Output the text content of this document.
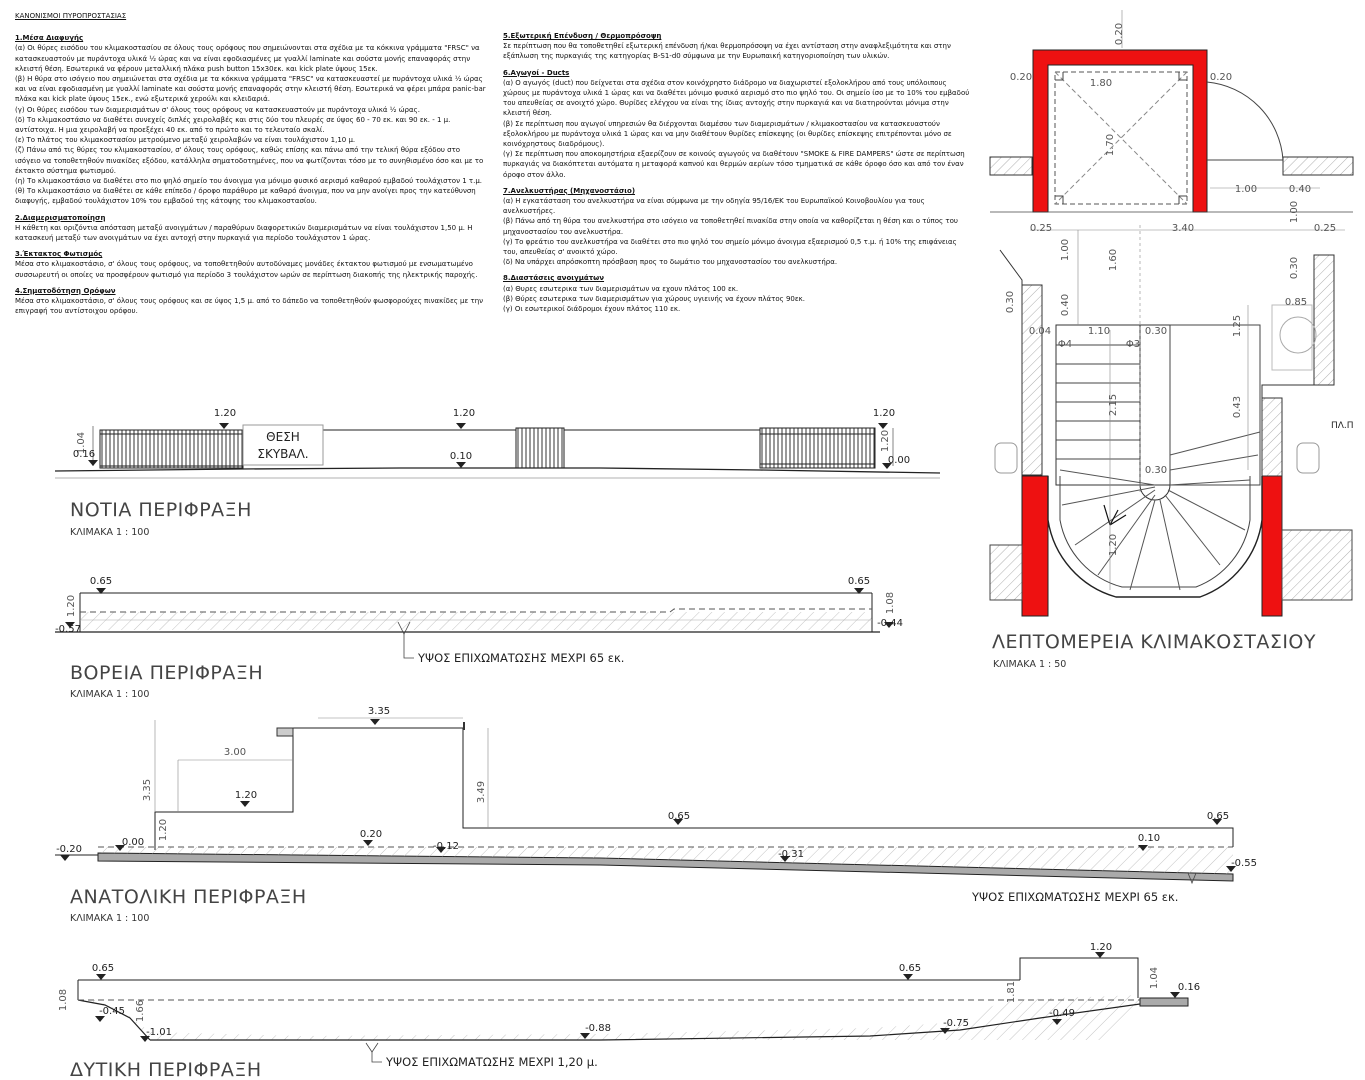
ΚΑΝΟΝΙΣΜΟΙ ΠΥΡΟΠΡΟΣΤΑΣΙΑΣ

1.Μέσα Διαφυγής

(α) Οι θύρες εισόδου του κλιμακοστασίου σε όλους τους ορόφους που σημειώνονται στα σχέδια με τα κόκκινα γράμματα "FRSC" να κατασκευαστούν με πυράντοχα υλικά ½ ώρας και να είναι εφοδιασμένες με γυαλλί laminate και σούστα μονής επαναφοράς στην κλειστή θέση. Εσωτερικά να φέρουν μεταλλική πλάκα push button 15x30εκ. και kick plate ύψους 15εκ.

(β) Η θύρα στο ισόγειο που σημειώνεται στα σχέδια με τα κόκκινα γράμματα "FRSC" να κατασκευαστεί με πυράντοχα υλικά ½ ώρας και να είναι εφοδιασμένη με γυαλλί laminate και σούστα μονής επαναφοράς στην κλειστή θέση. Εσωτερικά να φέρει μπάρα panic-bar πλάκα και kick plate ύψους 15εκ., ενώ εξωτερικά χερούλι και κλειδαριά.

(γ) Οι θύρες εισόδου των διαμερισμάτων σ' όλους τους ορόφους να κατασκευαστούν με πυράντοχα υλικά ½ ώρας.

(δ) Το κλιμακοστάσιο να διαθέτει συνεχείς διπλές χειρολαβές και στις δύο του πλευρές σε ύψος 60 - 70 εκ. και 90 εκ. - 1 μ. αντίστοιχα. Η μια χειρολαβή να προεξέχει 40 εκ. από το πρώτο και το τελευταίο σκαλί.

(ε) Το πλάτος του κλιμακοστασίου μετρούμενο μεταξύ χειρολαβών να είναι τουλάχιστον 1,10 μ.

(ζ) Πάνω από τις θύρες του κλιμακοστασίου, σ' όλους τους ορόφους, καθώς επίσης και πάνω από την τελική θύρα εξόδου στο ισόγειο να τοποθετηθούν πινακίδες εξόδου, κατάλληλα σηματοδοτημένες, που να φωτίζονται τόσο με το συνηθισμένο όσο και με το έκτακτο σύστημα φωτισμού.

(η) Το κλιμακοστάσιο να διαθέτει στο πιο ψηλό σημείο του άνοιγμα για μόνιμο φυσικό αερισμό καθαρού εμβαδού τουλάχιστον 1 τ.μ.

(θ) Το κλιμακοστάσιο να διαθέτει σε κάθε επίπεδο / όροφο παράθυρο με καθαρό άνοιγμα, που να μην ανοίγει προς την κατεύθυνση διαφυγής, εμβαδού τουλάχιστον 10% του εμβαδού της κάτοψης του κλιμακοστασίου.

2.Διαμερισματοποίηση

Η κάθετη και οριζόντια απόσταση μεταξύ ανοιγμάτων / παραθύρων διαφορετικών διαμερισμάτων να είναι τουλάχιστον 1,50 μ. Η κατασκευή μεταξύ των ανοιγμάτων να έχει αντοχή στην πυρκαγιά για περίοδο τουλάχιστον 1 ώρας.

3.Έκτακτος Φωτισμός

Μέσα στο κλιμακοστάσιο, σ' όλους τους ορόφους, να τοποθετηθούν αυτοδύναμες μονάδες έκτακτου φωτισμού με ενσωματωμένο συσσωρευτή οι οποίες να προσφέρουν φωτισμό για περίοδο 3 τουλάχιστον ωρών σε περίπτωση διακοπής της ηλεκτρικής παροχής.

4.Σηματοδότηση Ορόφων

Μέσα στο κλιμακοστάσιο, σ' όλους τους ορόφους και σε ύψος 1,5 μ. από το δάπεδο να τοποθετηθούν φωσφορούχες πινακίδες με την επιγραφή του αντίστοιχου ορόφου.

5.Εξωτερική Επένδυση / Θερμοπρόσοψη

Σε περίπτωση που θα τοποθετηθεί εξωτερική επένδυση ή/και θερμοπρόσοψη να έχει αντίσταση στην αναφλεξιμότητα και στην εξάπλωση της πυρκαγιάς της κατηγορίας B-S1-d0 σύμφωνα με την Ευρωπαική κατηγοριοποίηση των υλικών.

6.Αγωγοί - Ducts

(α) Ο αγωγός (duct) που δείχνεται στα σχέδια στον κοινόχρηστο διάδρομο να διαχωριστεί εξολοκλήρου από τους υπόλοιπους χώρους με πυράντοχα υλικά 1 ώρας και να διαθέτει μόνιμο φυσικό αερισμό στο πιο ψηλό του. Οι σημείο ίσο με το 10% του εμβαδού του απευθείας σε ανοιχτό χώρο. Θυρίδες ελέγχου να είναι της ίδιας αντοχής στην πυρκαγιά και να διατηρούνται μόνιμα στην κλειστή θέση.

(β) Σε περίπτωση που αγωγοί υπηρεσιών θα διέρχονται διαμέσου των διαμερισμάτων / κλιμακοστασίου να κατασκευαστούν εξολοκλήρου με πυράντοχα υλικά 1 ώρας και να μην διαθέτουν θυρίδες επίσκεψης (οι θυρίδες επίσκεψης επιτρέπονται μόνο σε κοινόχρηστους διαδρόμους).

(γ) Σε περίπτωση που αποκομηστήρια εξαερίζουν σε κοινούς αγωγούς να διαθέτουν "SMOKE & FIRE DAMPERS" ώστε σε περίπτωση πυρκαγιάς να διακόπτεται αυτόματα η μεταφορά καπνού και θερμών αερίων τόσο τμηματικά σε κάθε όροφο όσο και από τον έναν όροφο στον άλλο.

7.Ανελκυστήρας (Μηχανοστάσιο)

(α) Η εγκατάσταση του ανελκυστήρα να είναι σύμφωνα με την οδηγία 95/16/ΕΚ του Ευρωπαϊκού Κοινοβουλίου για τους ανελκυστήρες.

(β) Πάνω από τη θύρα του ανελκυστήρα στο ισόγειο να τοποθετηθεί πινακίδα στην οποία να καθορίζεται η θέση και ο τύπος του μηχανοστασίου του ανελκυστήρα.

(γ) Το φρεάτιο του ανελκυστήρα να διαθέτει στο πιο ψηλό του σημείο μόνιμο άνοιγμα εξαερισμού 0,5 τ.μ. ή 10% της επιφάνειας του, απευθείας σ' ανοικτό χώρο.

(δ) Να υπάρχει απρόσκοπτη πρόσβαση προς το δωμάτιο του μηχανοστασίου του ανελκυστήρα.

8.Διαστάσεις ανοιγμάτων

(α) Θυρες εσωτερικα των διαμερισμάτων να εχουν πλάτος 100 εκ.

(β) Θύρες εσωτερικα των διαμερισμάτων για χώρους υγιεινής να έχουν πλάτος 90εκ.

(γ) Οι εσωτερικοί διάδρομοι έχουν πλάτος 110 εκ.

ΘΕΣΗ
ΣΚΥΒΑΛ.
1.20	1.20	1.20
1.04
0.16	0.10
1.20
0.00
ΝΟΤΙΑ ΠΕΡΙΦΡΑΞΗ
ΚΛΙΜΑΚΑ 1 : 100
0.65	0.65
1.20
-0.57
1.08
-0.44
ΥΨΟΣ ΕΠΙΧΩΜΑΤΩΣΗΣ ΜΕΧΡΙ 65 εκ.
ΒΟΡΕΙΑ ΠΕΡΙΦΡΑΞΗ
ΚΛΙΜΑΚΑ 1 : 100
3.35
3.00
3.35	3.49
1.20
1.20
0.65	0.65
-0.20
0.00
0.20
-0.12
-0.31
0.10
-0.55
ΑΝΑΤΟΛΙΚΗ ΠΕΡΙΦΡΑΞΗ
ΚΛΙΜΑΚΑ 1 : 100
ΥΨΟΣ ΕΠΙΧΩΜΑΤΩΣΗΣ ΜΕΧΡΙ 65 εκ.
0.65	0.65
1.20
1.08
-0.45 1.66
-1.01	-0.88	-0.75
-0.49
1.81
1.04 0.16
ΥΨΟΣ ΕΠΙΧΩΜΑΤΩΣΗΣ ΜΕΧΡΙ 1,20 μ.
ΔΥΤΙΚΗ ΠΕΡΙΦΡΑΞΗ
0.20
0.20	0.20
1.80
1.70
1.00	0.40
1.00
0.25	3.40	0.25
1.00	1.60
0.30
0.30
0.85
0.40
0.04	1.10	0.30
Φ4	Φ3
1.25
2.15	0.43
0.30
1.20
ΠΛ.Π
ΛΕΠΤΟΜΕΡΕΙΑ ΚΛΙΜΑΚΟΣΤΑΣΙΟΥ
ΚΛΙΜΑΚΑ 1 : 50
